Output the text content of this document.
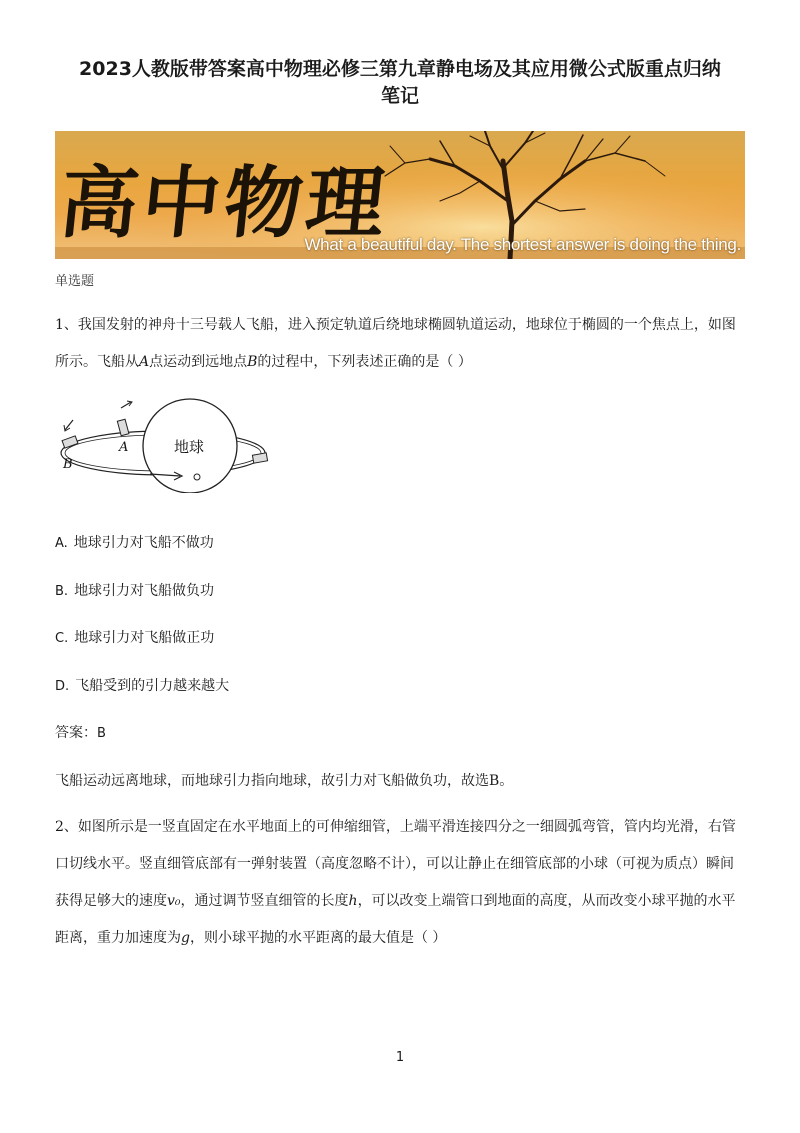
2023人教版带答案高中物理必修三第九章静电场及其应用微公式版重点归纳
笔记
高中物理
What a beautiful day. The shortest answer is doing the thing.
单选题
1、我国发射的神舟十三号载人飞船，进入预定轨道后绕地球椭圆轨道运动，地球位于椭圆的一个焦点上，如图所示。飞船从A点运动到远地点B的过程中，下列表述正确的是（ ）
地球
A
B
A. 地球引力对飞船不做功
B. 地球引力对飞船做负功
C. 地球引力对飞船做正功
D. 飞船受到的引力越来越大
答案：B
飞船运动远离地球，而地球引力指向地球，故引力对飞船做负功，故选B。
2、如图所示是一竖直固定在水平地面上的可伸缩细管，上端平滑连接四分之一细圆弧弯管，管内均光滑，右管口切线水平。竖直细管底部有一弹射装置（高度忽略不计），可以让静止在细管底部的小球（可视为质点）瞬间获得足够大的速度v₀，通过调节竖直细管的长度h，可以改变上端管口到地面的高度，从而改变小球平抛的水平距离，重力加速度为g，则小球平抛的水平距离的最大值是（ ）
1
